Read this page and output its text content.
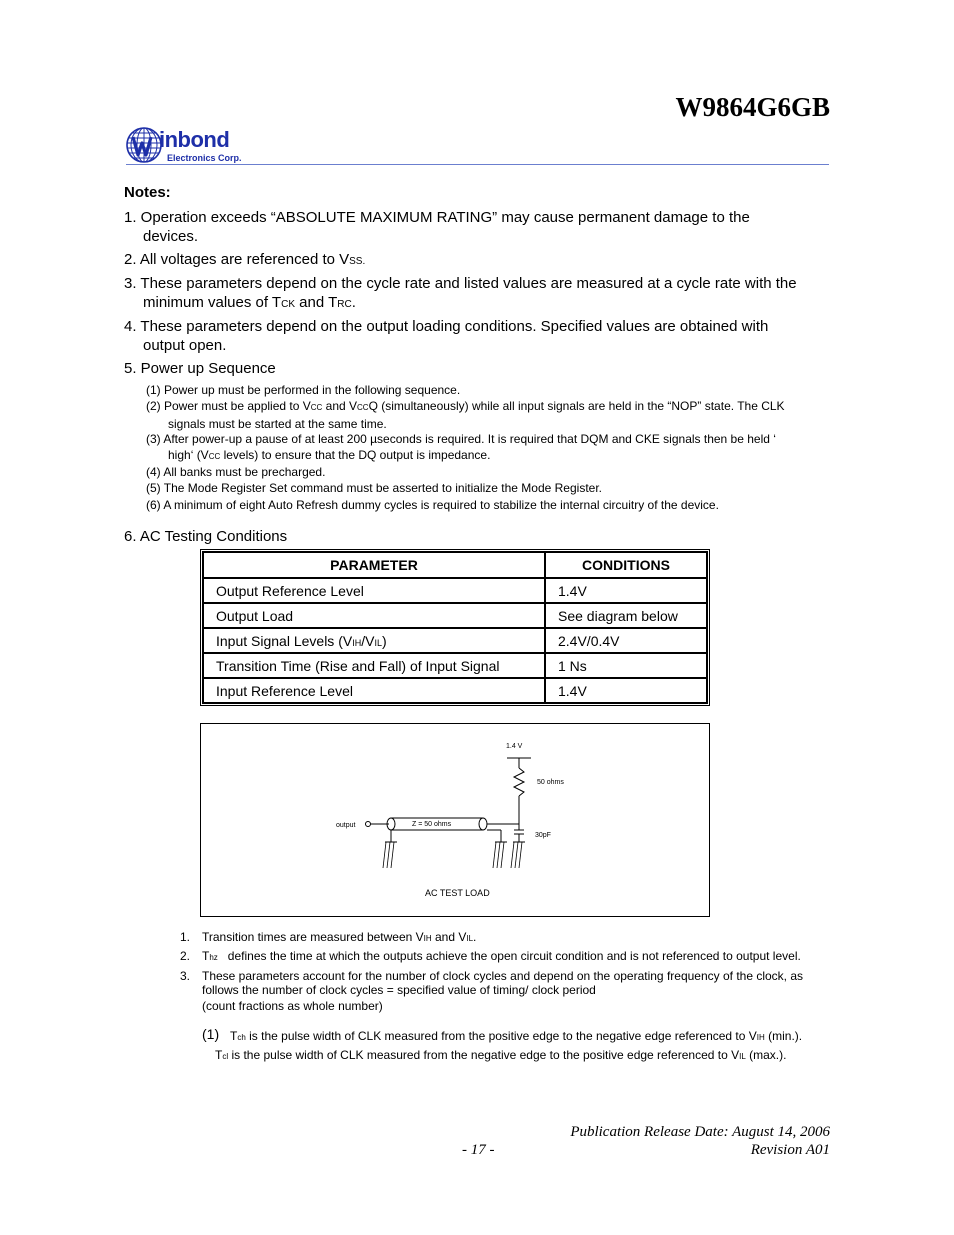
W9864G6GB
inbond
Electronics Corp.
Notes:
1. Operation exceeds “ABSOLUTE MAXIMUM RATING” may cause permanent damage to the
devices.
2. All voltages are referenced to VSS.
3. These parameters depend on the cycle rate and listed values are measured at a cycle rate with the
minimum values of TCK and TRC.
4. These parameters depend on the output loading conditions. Specified values are obtained with
output open.
5. Power up Sequence
(1) Power up must be performed in the following sequence.
(2) Power must be applied to VCC and VCCQ (simultaneously) while all input signals are held in the “NOP” state. The CLK
signals must be started at the same time.
(3) After power-up a pause of at least 200 µseconds is required. It is required that DQM and CKE signals then be held ‘
high‘ (VCC levels) to ensure that the DQ output is impedance.
(4) All banks must be precharged.
(5) The Mode Register Set command must be asserted to initialize the Mode Register.
(6) A minimum of eight Auto Refresh dummy cycles is required to stabilize the internal circuitry of the device.
6. AC Testing Conditions
PARAMETER	CONDITIONS
Output Reference Level	1.4V
Output Load	See diagram below
Input Signal Levels (VIH/VIL)	2.4V/0.4V
Transition Time (Rise and Fall) of Input Signal	1 Ns
Input Reference Level	1.4V
1.4 V
50 ohms
output	Z = 50 ohms
30pF
AC TEST LOAD
1. Transition times are measured between VIH and VIL.
2. Thz   defines the time at which the outputs achieve the open circuit condition and is not referenced to output level.
3. These parameters account for the number of clock cycles and depend on the operating frequency of the clock, as
follows the number of clock cycles = specified value of timing/ clock period
(count fractions as whole number)
(1) Tch is the pulse width of CLK measured from the positive edge to the negative edge referenced to VIH (min.).
Tcl is the pulse width of CLK measured from the negative edge to the positive edge referenced to VIL (max.).
Publication Release Date: August 14, 2006
- 17 -	Revision A01
